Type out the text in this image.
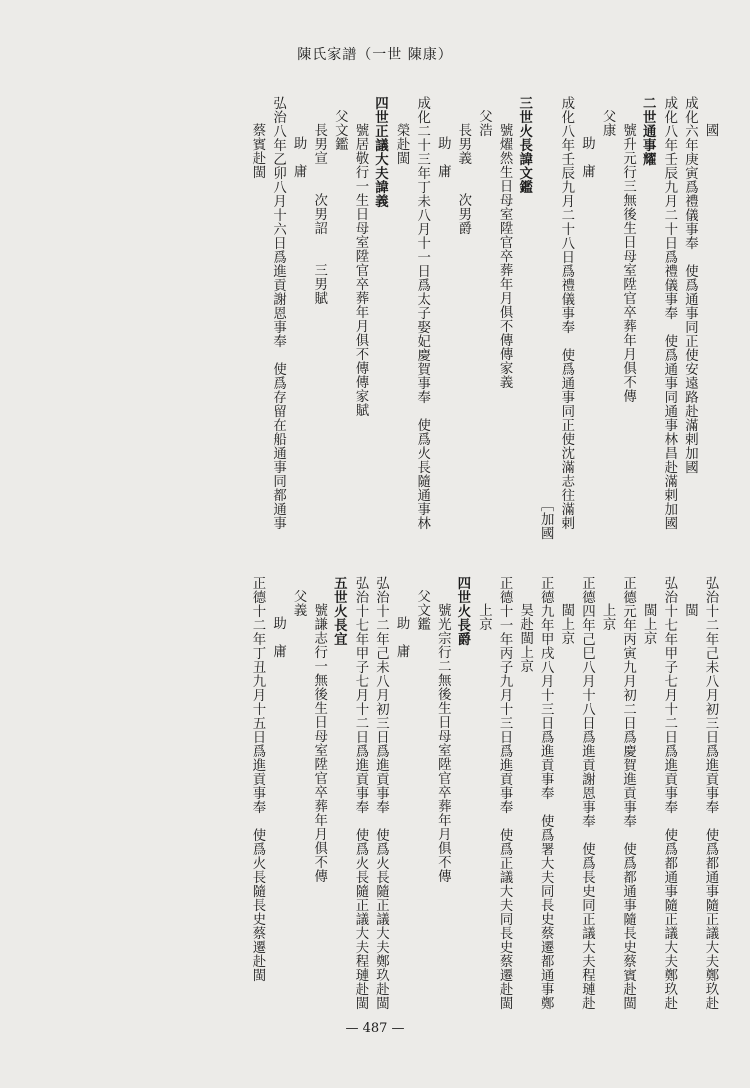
陳氏家譜（一世 陳康）
國
成化六年庚寅爲禮儀事奉　使爲通事同正使安遠路赴滿剌加國
成化八年壬辰九月二十日爲禮儀事奉　使爲通事同通事林昌赴滿剌加國
二世通事耀
號升元行三無後生日母室陞官卒葬年月俱不傳
父康
助　庸
成化八年壬辰九月二十八日爲禮儀事奉　使爲通事同正使沈滿志往滿剌
［加國
三世火長諱文鑑
號燿然生日母室陞官卒葬年月俱不傳傳家義
父浩
長男義　　次男爵
助　庸
成化二十三年丁未八月十一日爲太子娶妃慶賀事奉　使爲火長隨通事林
榮赴閩
四世正議大夫諱義
號居敬行一生日母室陞官卒葬年月俱不傳傳家賦
父文鑑
長男宣　　次男詔　　三男賦
助　庸
弘治八年乙卯八月十六日爲進貢謝恩事奉　使爲存留在船通事同都通事
蔡賓赴閩
弘治十二年己未八月初三日爲進貢事奉　使爲都通事隨正議大夫鄭玖赴
閩
弘治十七年甲子七月十二日爲進貢事奉　使爲都通事隨正議大夫鄭玖赴
閩上京
正德元年丙寅九月初二日爲慶賀進貢事奉　使爲都通事隨長史蔡賓赴閩
上京
正德四年己巳八月十八日爲進貢謝恩事奉　使爲長史同正議大夫程璉赴
閩上京
正德九年甲戌八月十三日爲進貢事奉　使爲署大夫同長史蔡遷都通事鄭
昊赴閩上京
正德十一年丙子九月十三日爲進貢事奉　使爲正議大夫同長史蔡遷赴閩
上京
四世火長爵
號光宗行二無後生日母室陞官卒葬年月俱不傳
父文鑑
助　庸
弘治十二年己未八月初三日爲進貢事奉　使爲火長隨正議大夫鄭玖赴閩
弘治十七年甲子七月十二日爲進貢事奉　使爲火長隨正議大夫程璉赴閩
五世火長宜
號謙志行一無後生日母室陞官卒葬年月俱不傳
父義
助　庸
正德十二年丁丑九月十五日爲進貢事奉　使爲火長隨長史蔡遷赴閩
— 487 —
